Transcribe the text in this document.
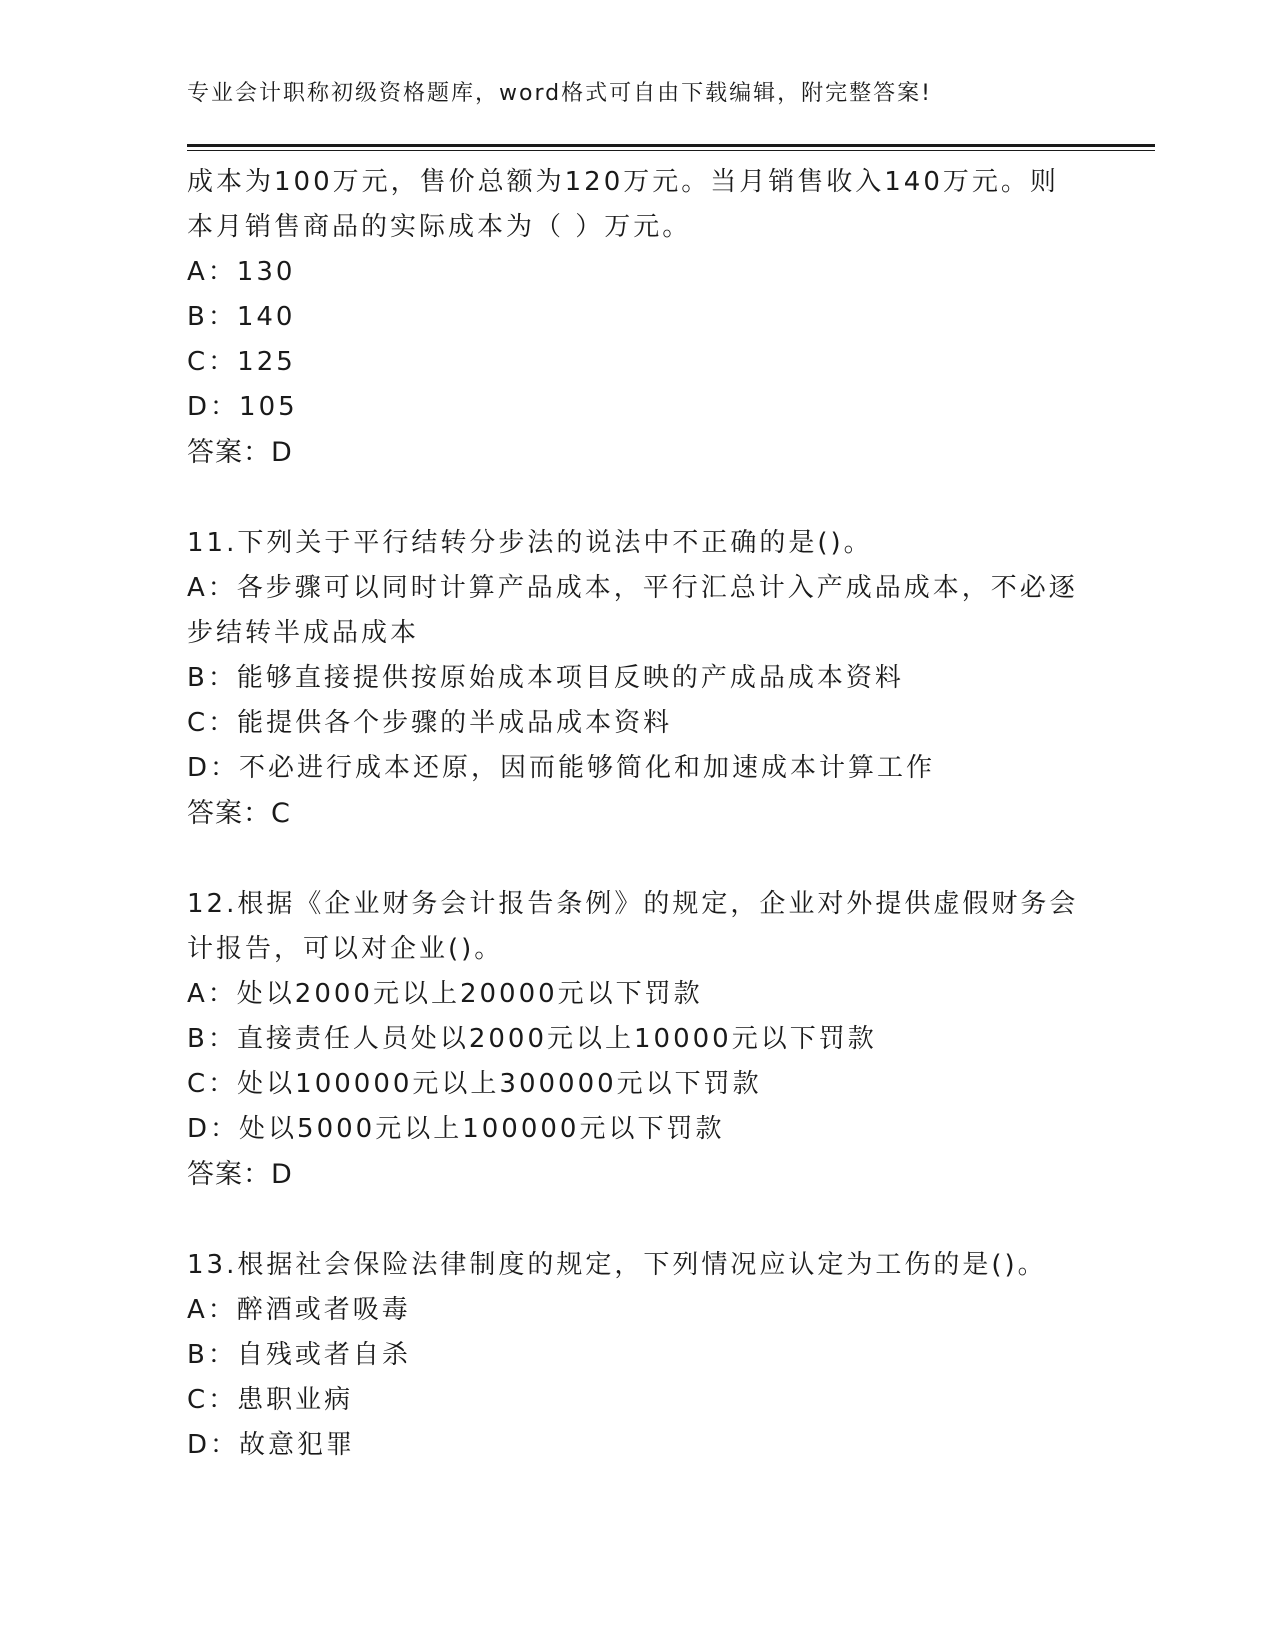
专业会计职称初级资格题库，word格式可自由下载编辑，附完整答案!
成本为100万元，售价总额为120万元。当月销售收入140万元。则
本月销售商品的实际成本为（ ）万元。
A：130
B：140
C：125
D：105
答案：D
11.下列关于平行结转分步法的说法中不正确的是()。
A：各步骤可以同时计算产品成本，平行汇总计入产成品成本，不必逐
步结转半成品成本
B：能够直接提供按原始成本项目反映的产成品成本资料
C：能提供各个步骤的半成品成本资料
D：不必进行成本还原，因而能够简化和加速成本计算工作
答案：C
12.根据《企业财务会计报告条例》的规定，企业对外提供虚假财务会
计报告，可以对企业()。
A：处以2000元以上20000元以下罚款
B：直接责任人员处以2000元以上10000元以下罚款
C：处以100000元以上300000元以下罚款
D：处以5000元以上100000元以下罚款
答案：D
13.根据社会保险法律制度的规定，下列情况应认定为工伤的是()。
A：醉酒或者吸毒
B：自残或者自杀
C：患职业病
D：故意犯罪
